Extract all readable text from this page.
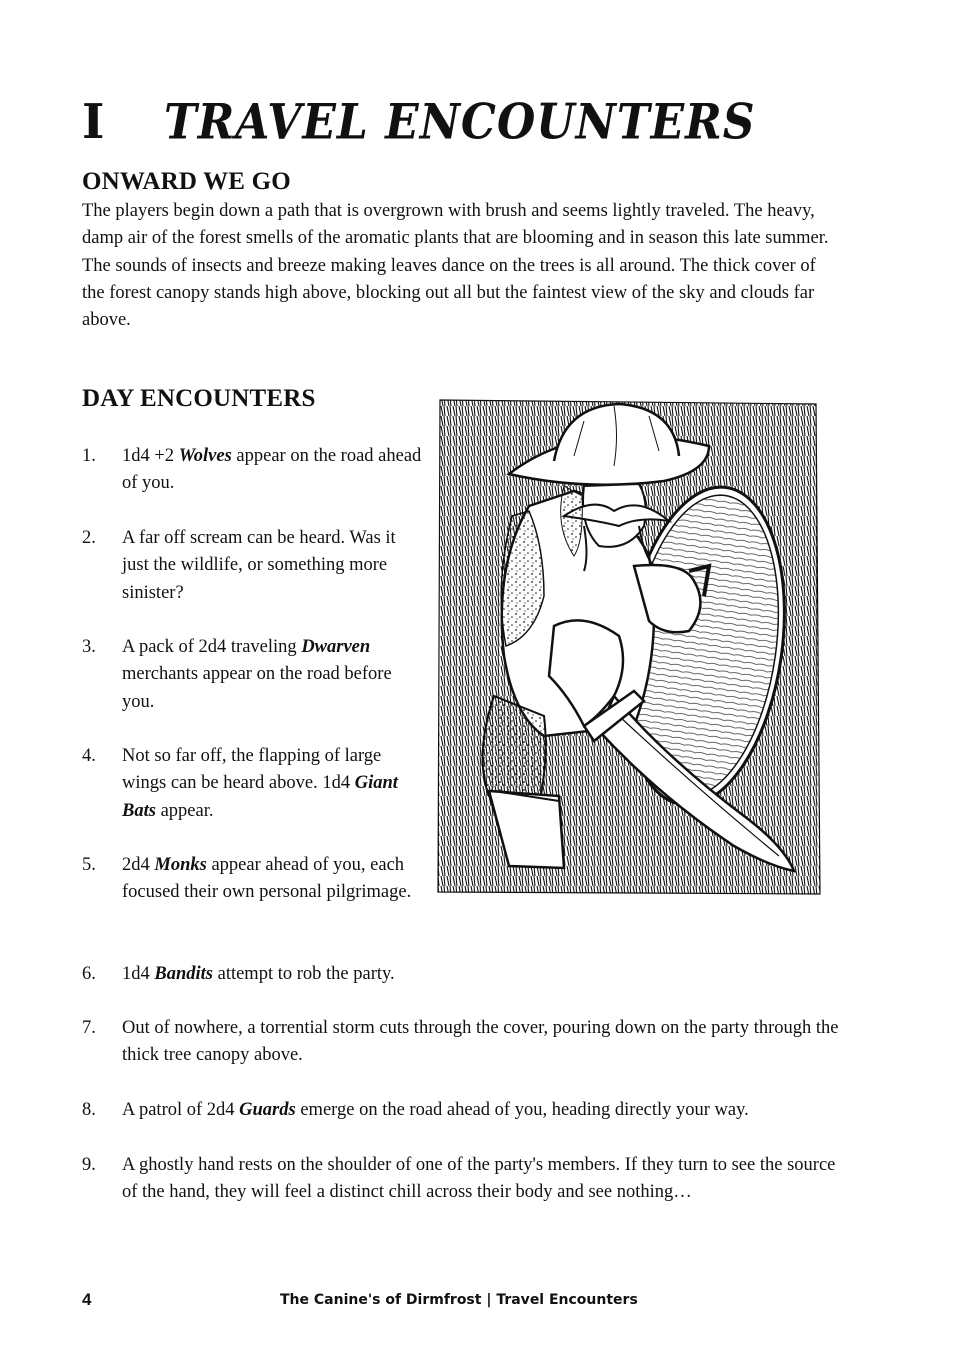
I	TRAVEL ENCOUNTERS
ONWARD WE GO
The players begin down a path that is overgrown with brush and seems lightly traveled. The heavy, damp air of the forest smells of the aromatic plants that are blooming and in season this late summer. The sounds of insects and breeze making leaves dance on the trees is all around. The thick cover of the forest canopy stands high above, blocking out all but the faintest view of the sky and clouds far above.
DAY ENCOUNTERS
1.	1d4 +2 Wolves appear on the road ahead of you.
2.	A far off scream can be heard. Was it just the wildlife, or something more sinister?
3.	A pack of 2d4 traveling Dwarven merchants appear on the road before you.
4.	Not so far off, the flapping of large wings can be heard above. 1d4 Giant Bats appear.
5.	2d4 Monks appear ahead of you, each focused their own personal pilgrimage.
6.	1d4 Bandits attempt to rob the party.
7.	Out of nowhere, a torrential storm cuts through the cover, pouring down on the party through the thick tree canopy above.
8.	A patrol of 2d4 Guards emerge on the road ahead of you, heading directly your way.
9.	A ghostly hand rests on the shoulder of one of the party's members. If they turn to see the source of the hand, they will feel a distinct chill across their body and see nothing…
4	The Canine's of Dirmfrost | Travel Encounters
